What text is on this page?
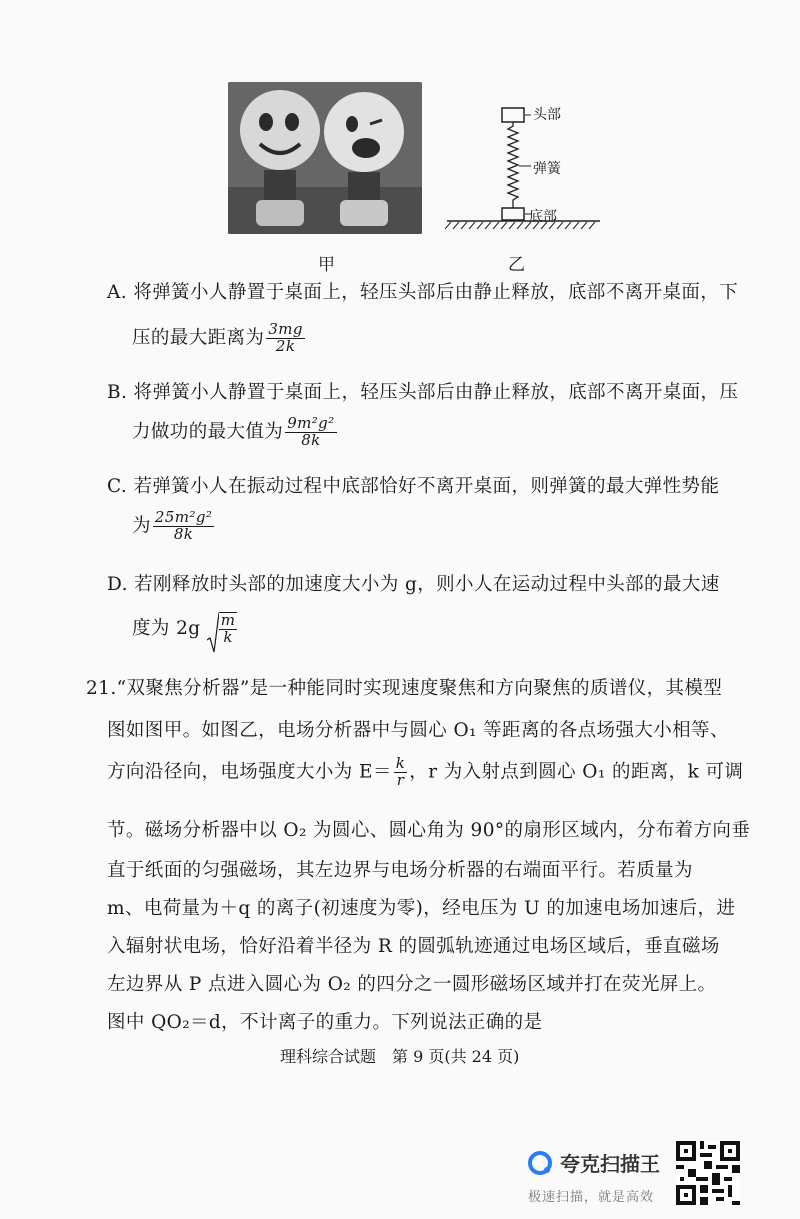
头部
弹簧
底部
甲	乙
A. 将弹簧小人静置于桌面上，轻压头部后由静止释放，底部不离开桌面，下
压的最大距离为 $\frac{3mg}{2k}$
B. 将弹簧小人静置于桌面上，轻压头部后由静止释放，底部不离开桌面，压
力做功的最大值为 $\frac{\text{9m²g²}}{8k}$
C. 若弹簧小人在振动过程中底部恰好不离开桌面，则弹簧的最大弹性势能
为 $\frac{\text{25m²g²}}{8k}$
D. 若刚释放时头部的加速度大小为 g，则小人在运动过程中头部的最大速
度为 $2g \frac{m}{k}$
21.“双聚焦分析器”是一种能同时实现速度聚焦和方向聚焦的质谱仪，其模型
图如图甲。如图乙，电场分析器中与圆心 O₁ 等距离的各点场强大小相等、
方向沿径向，电场强度大小为 $E= \frac{k}{r}$ ，r 为入射点到圆心 O₁ 的距离，k 可调
节。磁场分析器中以 O₂ 为圆心、圆心角为 90°的扇形区域内，分布着方向垂
直于纸面的匀强磁场，其左边界与电场分析器的右端面平行。若质量为
m、电荷量为＋q 的离子(初速度为零)，经电压为 U 的加速电场加速后，进
入辐射状电场，恰好沿着半径为 R 的圆弧轨迹通过电场区域后，垂直磁场
左边界从 P 点进入圆心为 O₂ 的四分之一圆形磁场区域并打在荧光屏上。
图中 QO₂＝d，不计离子的重力。下列说法正确的是
理科综合试题　第 9 页(共 24 页)
夸克扫描王
极速扫描，就是高效
